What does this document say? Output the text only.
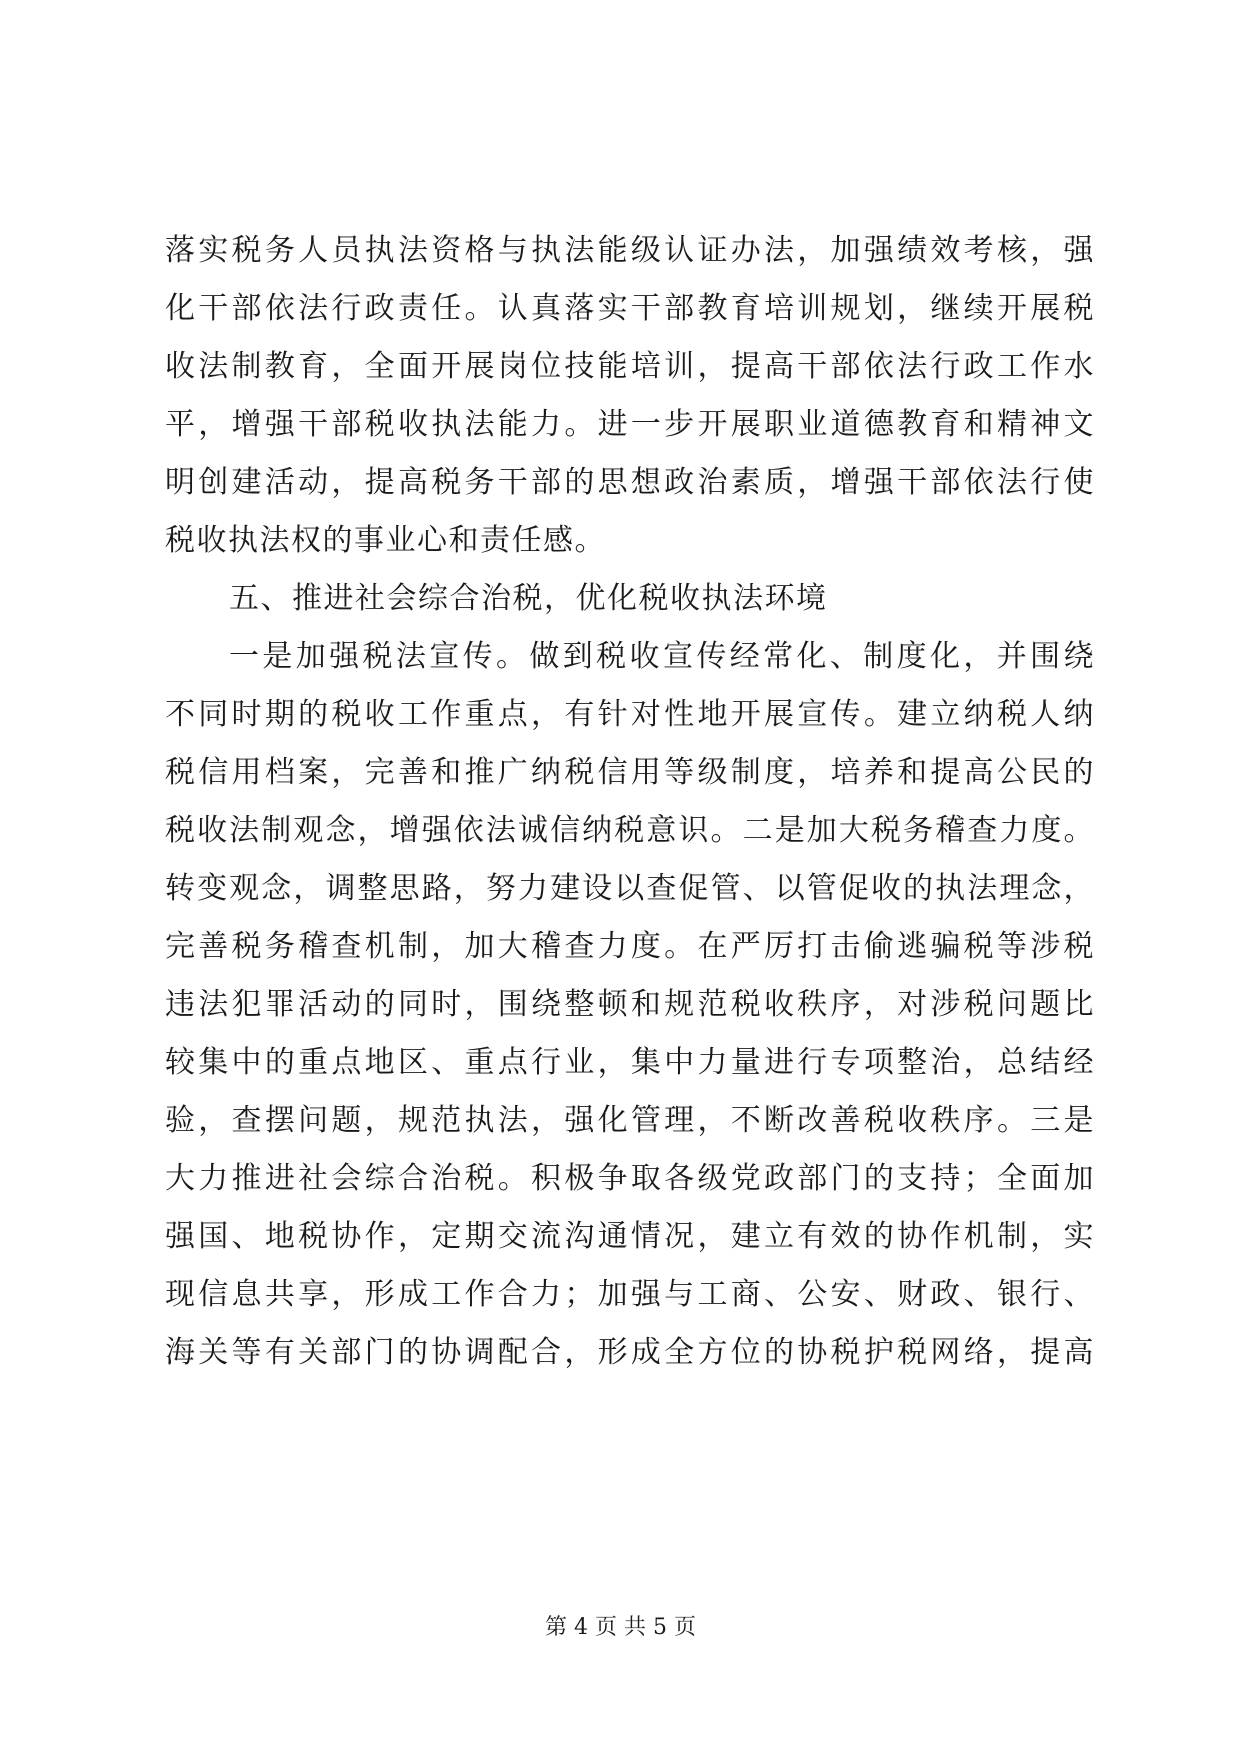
落实税务人员执法资格与执法能级认证办法，加强绩效考核，强
化干部依法行政责任。认真落实干部教育培训规划，继续开展税
收法制教育，全面开展岗位技能培训，提高干部依法行政工作水
平，增强干部税收执法能力。进一步开展职业道德教育和精神文
明创建活动，提高税务干部的思想政治素质，增强干部依法行使
税收执法权的事业心和责任感。
五、推进社会综合治税，优化税收执法环境
一是加强税法宣传。做到税收宣传经常化、制度化，并围绕
不同时期的税收工作重点，有针对性地开展宣传。建立纳税人纳
税信用档案，完善和推广纳税信用等级制度，培养和提高公民的
税收法制观念，增强依法诚信纳税意识。二是加大税务稽查力度。
转变观念，调整思路，努力建设以查促管、以管促收的执法理念，
完善税务稽查机制，加大稽查力度。在严厉打击偷逃骗税等涉税
违法犯罪活动的同时，围绕整顿和规范税收秩序，对涉税问题比
较集中的重点地区、重点行业，集中力量进行专项整治，总结经
验，查摆问题，规范执法，强化管理，不断改善税收秩序。三是
大力推进社会综合治税。积极争取各级党政部门的支持；全面加
强国、地税协作，定期交流沟通情况，建立有效的协作机制，实
现信息共享，形成工作合力；加强与工商、公安、财政、银行、
海关等有关部门的协调配合，形成全方位的协税护税网络，提高
第 4 页 共 5 页
